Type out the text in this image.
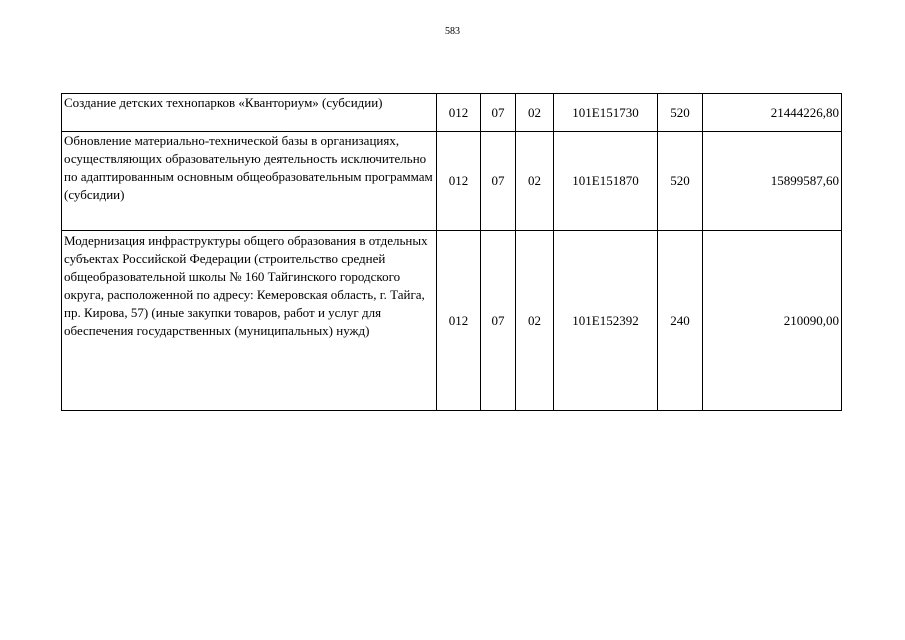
583
Создание детских технопарков «Кванториум» (субсидии)	012	07	02	101E151730	520	21444226,80
Обновление материально-технической базы в организациях, осуществляющих образовательную деятельность исключительно по адаптированным основным общеобразовательным программам (субсидии)	012	07	02	101E151870	520	15899587,60
Модернизация инфраструктуры общего образования в отдельных субъектах Российской Федерации (строительство средней общеобразовательной школы № 160 Тайгинского городского округа, расположенной по адресу: Кемеровская область, г. Тайга, пр. Кирова, 57) (иные закупки товаров, работ и услуг для обеспечения государственных (муниципальных) нужд)	012	07	02	101E152392	240	210090,00
